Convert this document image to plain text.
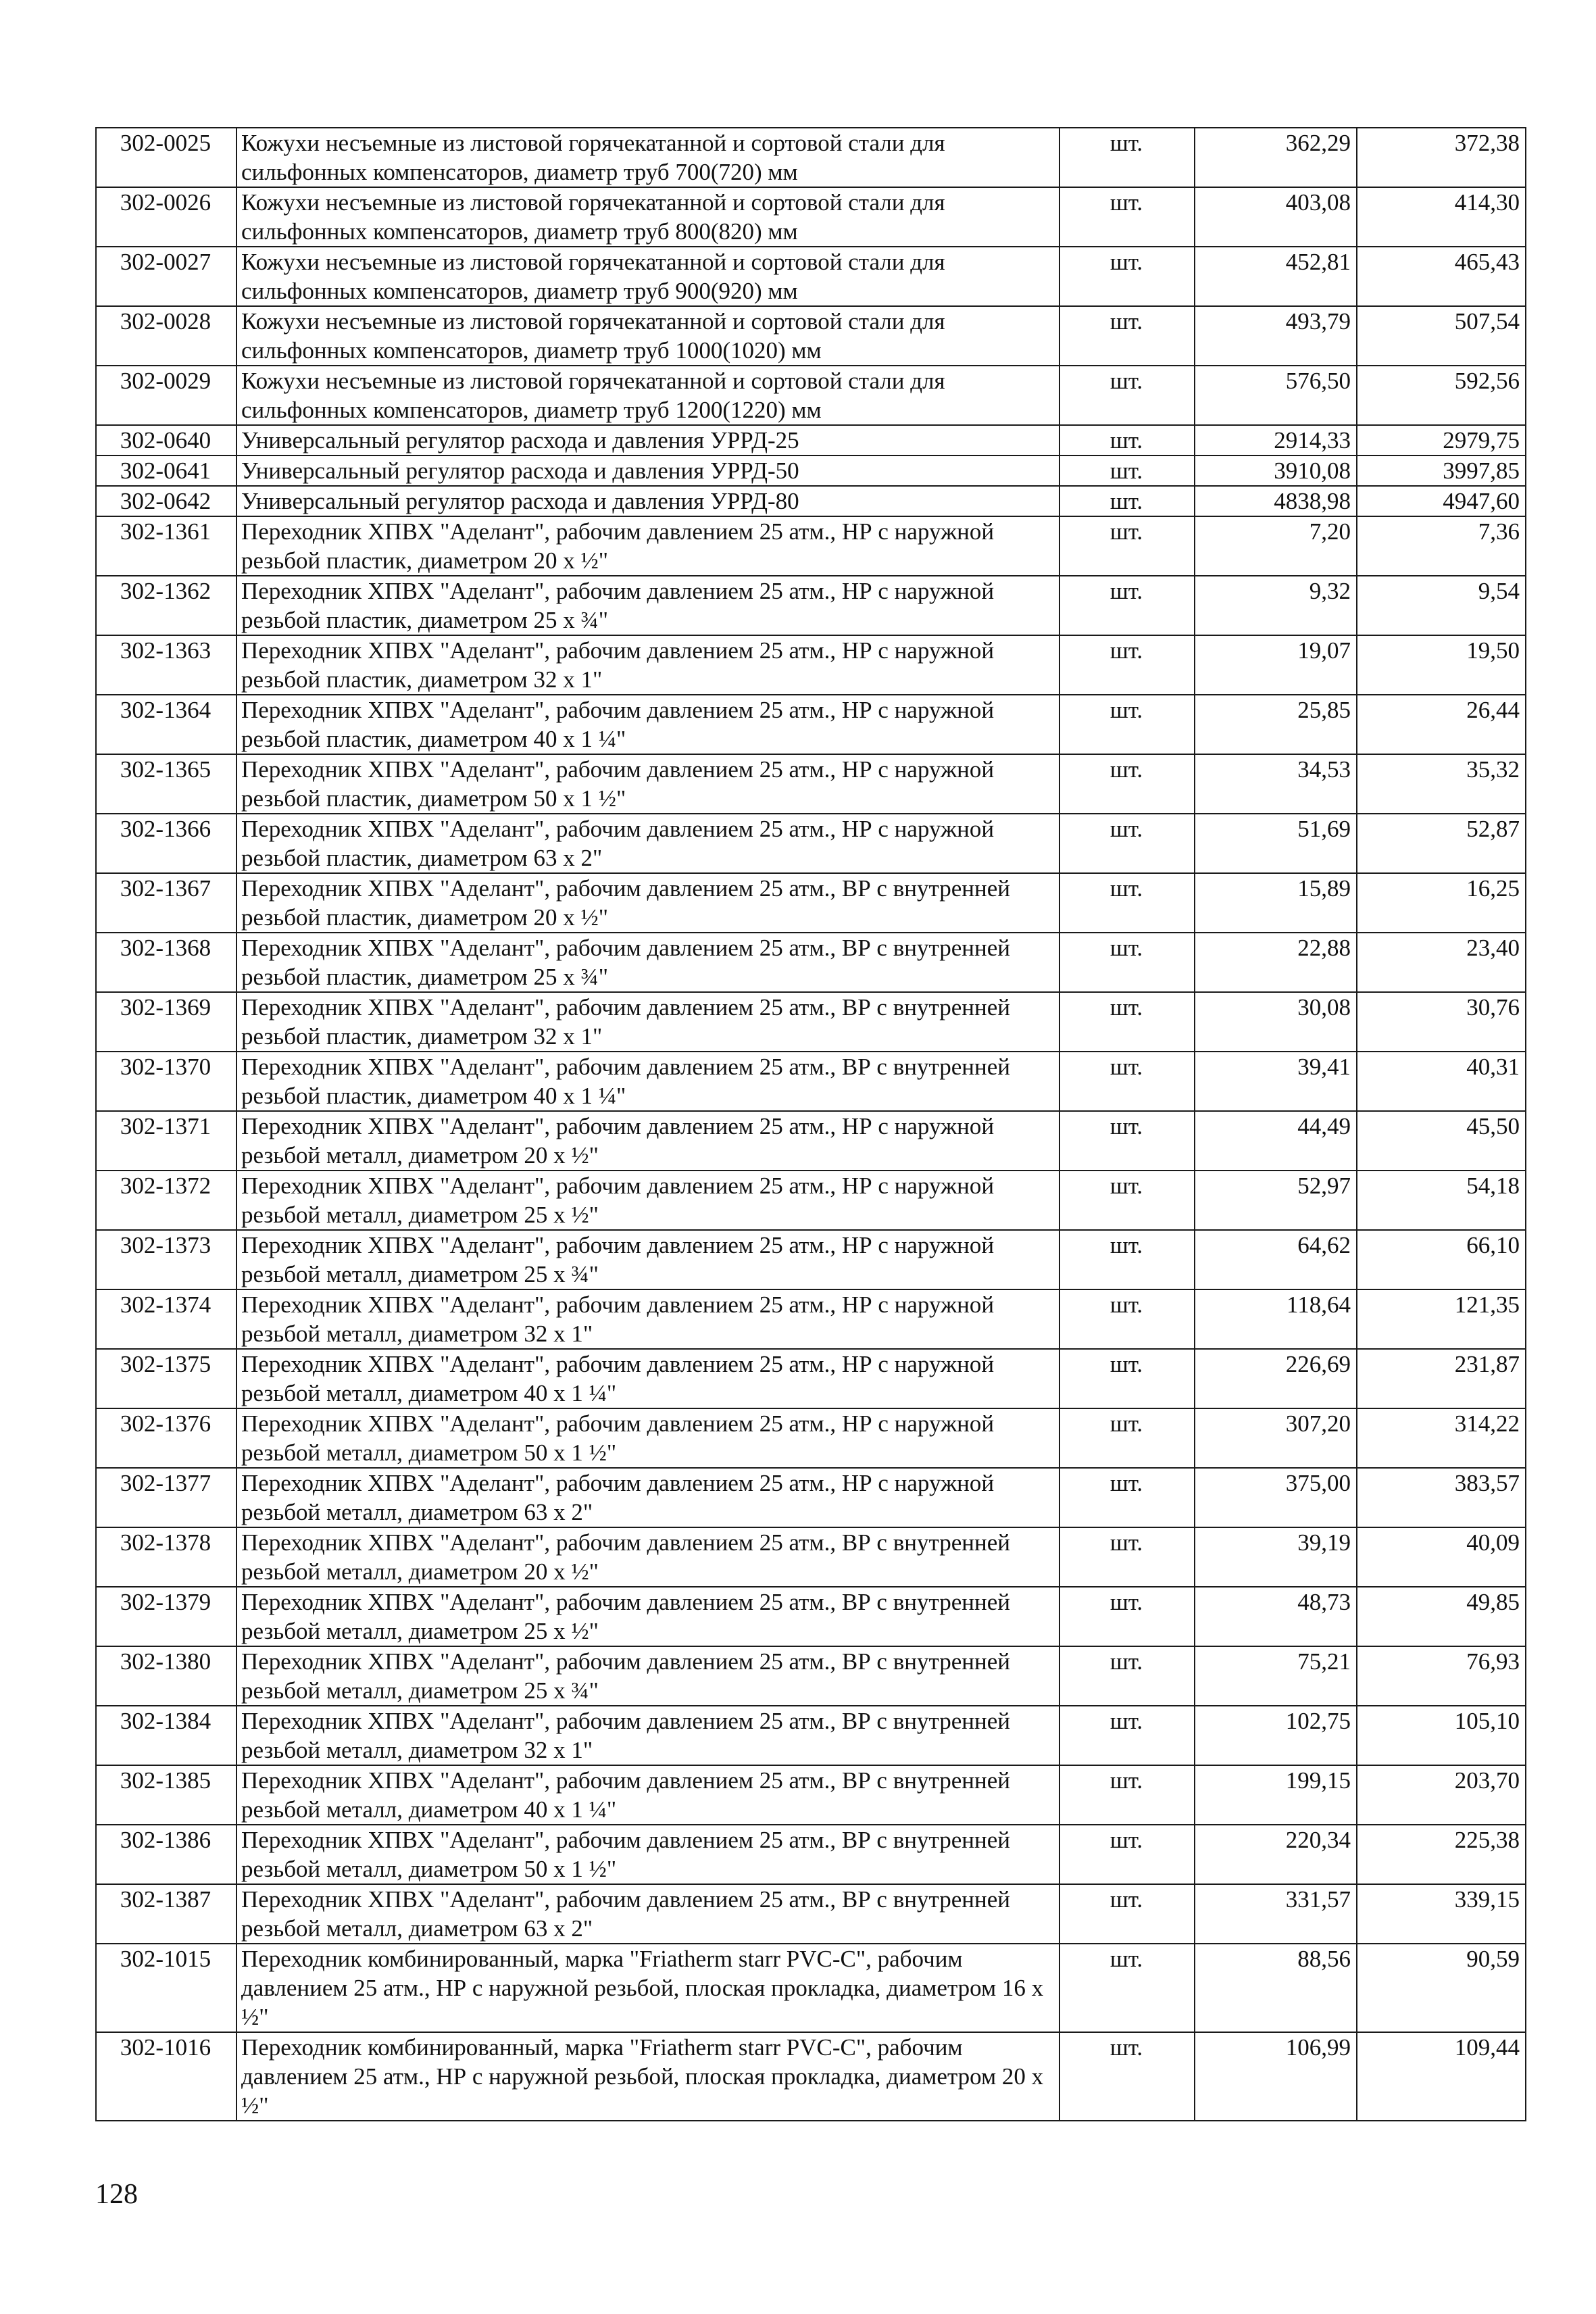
302-0025	Кожухи несъемные из листовой горячекатанной и сортовой стали для сильфонных компенсаторов, диаметр труб 700(720) мм	шт.	362,29	372,38
302-0026	Кожухи несъемные из листовой горячекатанной и сортовой стали для сильфонных компенсаторов, диаметр труб 800(820) мм	шт.	403,08	414,30
302-0027	Кожухи несъемные из листовой горячекатанной и сортовой стали для сильфонных компенсаторов, диаметр труб 900(920) мм	шт.	452,81	465,43
302-0028	Кожухи несъемные из листовой горячекатанной и сортовой стали для сильфонных компенсаторов, диаметр труб 1000(1020) мм	шт.	493,79	507,54
302-0029	Кожухи несъемные из листовой горячекатанной и сортовой стали для сильфонных компенсаторов, диаметр труб 1200(1220) мм	шт.	576,50	592,56
302-0640	Универсальный регулятор расхода и давления УРРД-25	шт.	2914,33	2979,75
302-0641	Универсальный регулятор расхода и давления УРРД-50	шт.	3910,08	3997,85
302-0642	Универсальный регулятор расхода и давления УРРД-80	шт.	4838,98	4947,60
302-1361	Переходник ХПВХ "Аделант", рабочим давлением 25 атм., НР с наружной резьбой пластик, диаметром 20 х ½"	шт.	7,20	7,36
302-1362	Переходник ХПВХ "Аделант", рабочим давлением 25 атм., НР с наружной резьбой пластик, диаметром 25 х ¾"	шт.	9,32	9,54
302-1363	Переходник ХПВХ "Аделант", рабочим давлением 25 атм., НР с наружной резьбой пластик, диаметром 32 х 1"	шт.	19,07	19,50
302-1364	Переходник ХПВХ "Аделант", рабочим давлением 25 атм., НР с наружной резьбой пластик, диаметром 40 х 1 ¼"	шт.	25,85	26,44
302-1365	Переходник ХПВХ "Аделант", рабочим давлением 25 атм., НР с наружной резьбой пластик, диаметром 50 х 1 ½"	шт.	34,53	35,32
302-1366	Переходник ХПВХ "Аделант", рабочим давлением 25 атм., НР с наружной резьбой пластик, диаметром 63 х 2"	шт.	51,69	52,87
302-1367	Переходник ХПВХ "Аделант", рабочим давлением 25 атм., ВР с внутренней резьбой пластик, диаметром 20 х ½"	шт.	15,89	16,25
302-1368	Переходник ХПВХ "Аделант", рабочим давлением 25 атм., ВР с внутренней резьбой пластик, диаметром 25 х ¾"	шт.	22,88	23,40
302-1369	Переходник ХПВХ "Аделант", рабочим давлением 25 атм., ВР с внутренней резьбой пластик, диаметром 32 х 1"	шт.	30,08	30,76
302-1370	Переходник ХПВХ "Аделант", рабочим давлением 25 атм., ВР с внутренней резьбой пластик, диаметром 40 х 1 ¼"	шт.	39,41	40,31
302-1371	Переходник ХПВХ "Аделант", рабочим давлением 25 атм., НР с наружной резьбой металл, диаметром 20 х ½"	шт.	44,49	45,50
302-1372	Переходник ХПВХ "Аделант", рабочим давлением 25 атм., НР с наружной резьбой металл, диаметром 25 х ½"	шт.	52,97	54,18
302-1373	Переходник ХПВХ "Аделант", рабочим давлением 25 атм., НР с наружной резьбой металл, диаметром 25 х ¾"	шт.	64,62	66,10
302-1374	Переходник ХПВХ "Аделант", рабочим давлением 25 атм., НР с наружной резьбой металл, диаметром 32 х 1"	шт.	118,64	121,35
302-1375	Переходник ХПВХ "Аделант", рабочим давлением 25 атм., НР с наружной резьбой металл, диаметром 40 х 1 ¼"	шт.	226,69	231,87
302-1376	Переходник ХПВХ "Аделант", рабочим давлением 25 атм., НР с наружной резьбой металл, диаметром 50 х 1 ½"	шт.	307,20	314,22
302-1377	Переходник ХПВХ "Аделант", рабочим давлением 25 атм., НР с наружной резьбой металл, диаметром 63 х 2"	шт.	375,00	383,57
302-1378	Переходник ХПВХ "Аделант", рабочим давлением 25 атм., ВР с внутренней резьбой металл, диаметром 20 х ½"	шт.	39,19	40,09
302-1379	Переходник ХПВХ "Аделант", рабочим давлением 25 атм., ВР с внутренней резьбой металл, диаметром 25 х ½"	шт.	48,73	49,85
302-1380	Переходник ХПВХ "Аделант", рабочим давлением 25 атм., ВР с внутренней резьбой металл, диаметром 25 х ¾"	шт.	75,21	76,93
302-1384	Переходник ХПВХ "Аделант", рабочим давлением 25 атм., ВР с внутренней резьбой металл, диаметром 32 х 1"	шт.	102,75	105,10
302-1385	Переходник ХПВХ "Аделант", рабочим давлением 25 атм., ВР с внутренней резьбой металл, диаметром 40 х 1 ¼"	шт.	199,15	203,70
302-1386	Переходник ХПВХ "Аделант", рабочим давлением 25 атм., ВР с внутренней резьбой металл, диаметром 50 х 1 ½"	шт.	220,34	225,38
302-1387	Переходник ХПВХ "Аделант", рабочим давлением 25 атм., ВР с внутренней резьбой металл, диаметром 63 х 2"	шт.	331,57	339,15
302-1015	Переходник комбинированный, марка "Friatherm starr PVC-C", рабочим давлением 25 атм., НР с наружной резьбой, плоская прокладка, диаметром 16 х ½"	шт.	88,56	90,59
302-1016	Переходник комбинированный, марка "Friatherm starr PVC-C", рабочим давлением 25 атм., НР с наружной резьбой, плоская прокладка, диаметром 20 х ½"	шт.	106,99	109,44
128
